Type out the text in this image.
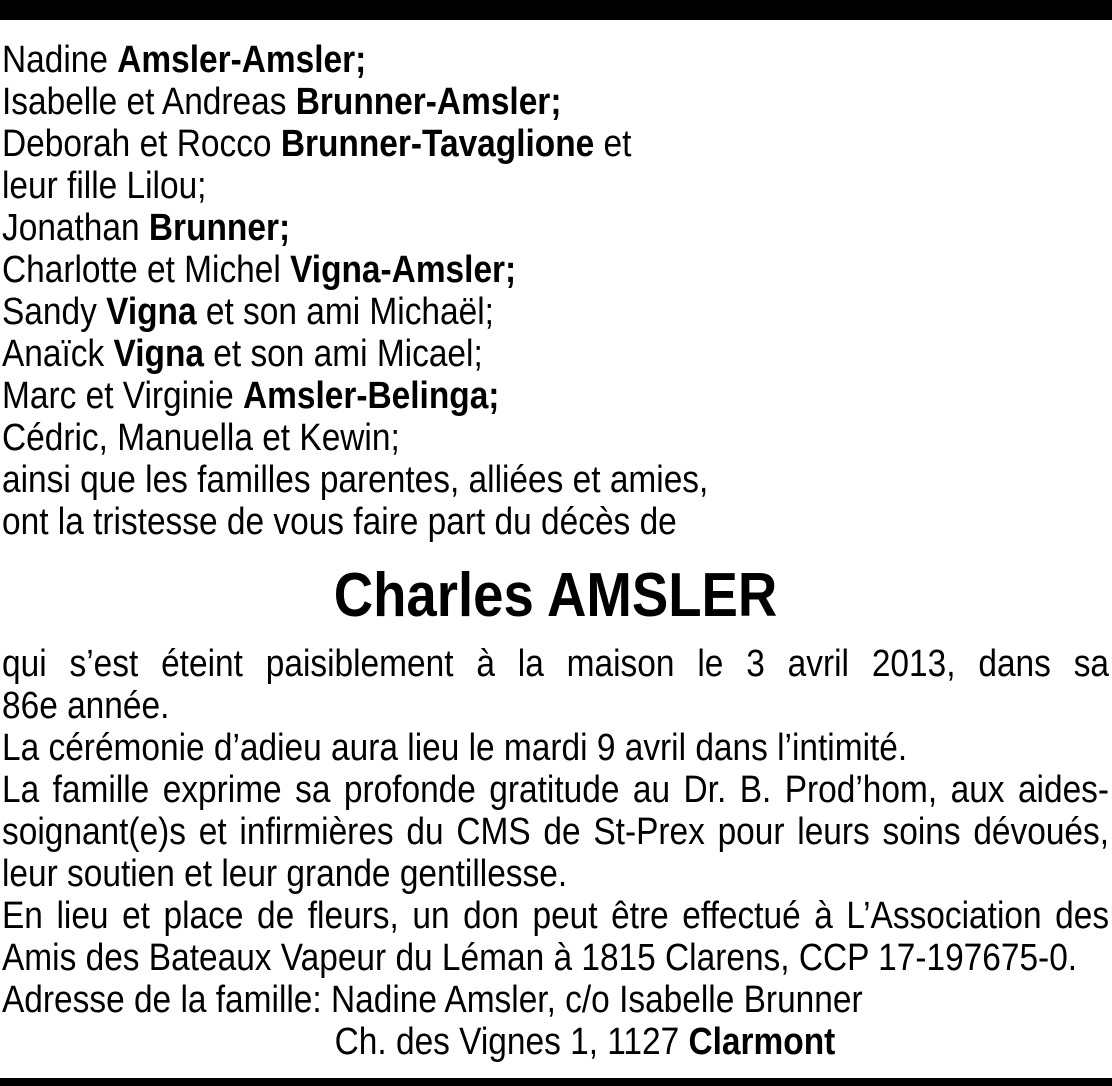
Nadine Amsler-Amsler;
Isabelle et Andreas Brunner-Amsler;
Deborah et Rocco Brunner-Tavaglione et
leur fille Lilou;
Jonathan Brunner;
Charlotte et Michel Vigna-Amsler;
Sandy Vigna et son ami Michaël;
Anaïck Vigna et son ami Micael;
Marc et Virginie Amsler-Belinga;
Cédric, Manuella et Kewin;
ainsi que les familles parentes, alliées et amies,
ont la tristesse de vous faire part du décès de
Charles AMSLER
qui s’est éteint paisiblement à la maison le 3 avril 2013, dans sa
86e année.
La cérémonie d’adieu aura lieu le mardi 9 avril dans l’intimité.
La famille exprime sa profonde gratitude au Dr. B. Prod’hom, aux aides-
soignant(e)s et infirmières du CMS de St-Prex pour leurs soins dévoués,
leur soutien et leur grande gentillesse.
En lieu et place de fleurs, un don peut être effectué à L’Association des
Amis des Bateaux Vapeur du Léman à 1815 Clarens, CCP 17-197675-0.
Adresse de la famille: Nadine Amsler, c/o Isabelle Brunner
Ch. des Vignes 1, 1127 Clarmont
